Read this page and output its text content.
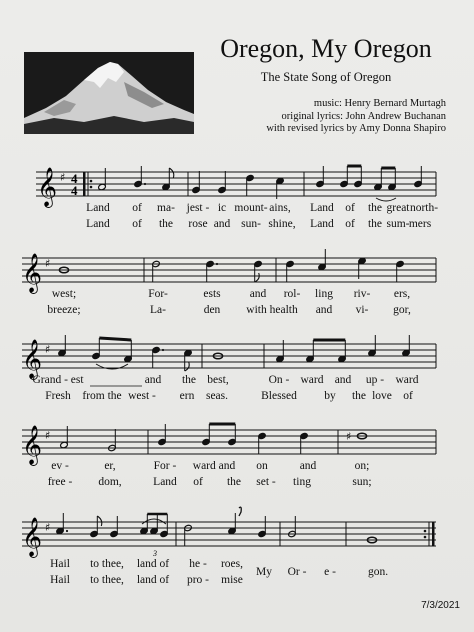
Oregon, My Oregon
The State Song of Oregon
music: Henry Bernard Murtagh
original lyrics: John Andrew Buchanan
with revised lyrics by Amy Donna Shapiro
𝄞 ♯ 4
4
𝄞 ♯
𝄞 ♯
𝄞 ♯	♯
𝄞 ♯
3
Land of ma- jest - ic mount- ains, Land of the great north-
Land of the rose and sun- shine, Land of the sum- mers
west;	For-	ests	and rol- ling riv- ers,
breeze;	La-	den with health and vi- gor,
Grand - est	and the best,	On - ward and up - ward
Fresh from the west - ern seas.	Blessed by the love of
ev -	er,	For - ward and on	and	on;
free - dom,	Land of the set - ting	sun;
Hail to thee, land of he - roes,
Hail to thee, land of pro - mise
My Or - e -	gon.
7/3/2021
